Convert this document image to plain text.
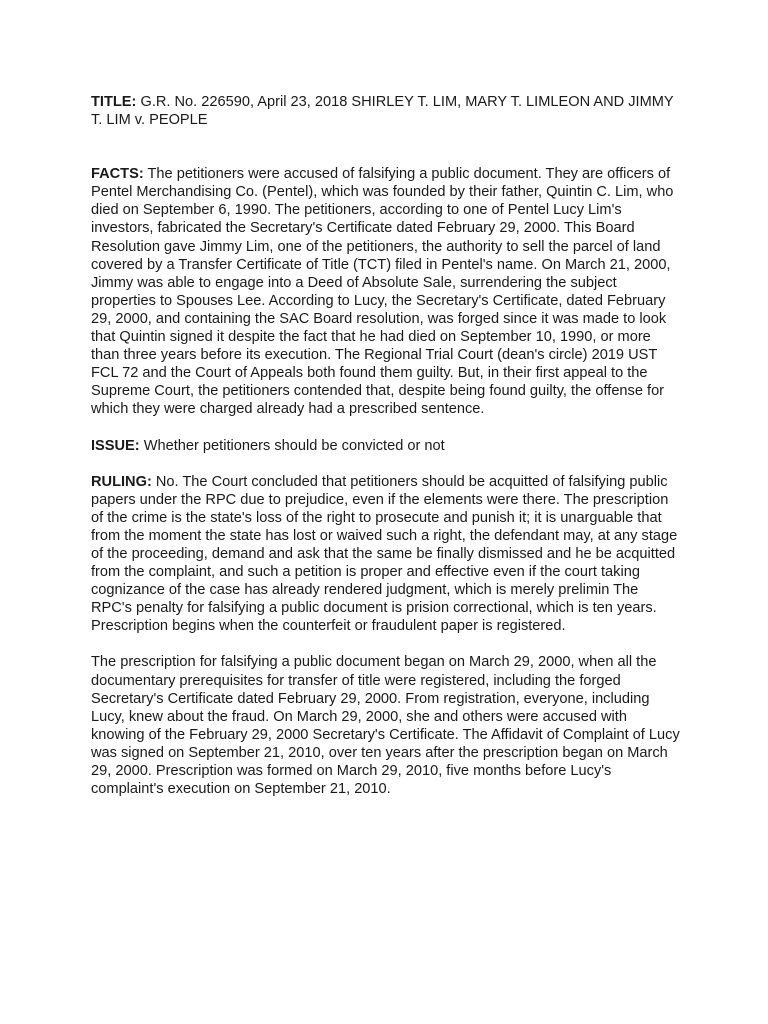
TITLE: G.R. No. 226590, April 23, 2018 SHIRLEY T. LIM, MARY T. LIMLEON AND JIMMY T. LIM v. PEOPLE

FACTS: The petitioners were accused of falsifying a public document. They are officers of Pentel Merchandising Co. (Pentel), which was founded by their father, Quintin C. Lim, who died on September 6, 1990. The petitioners, according to one of Pentel Lucy Lim's investors, fabricated the Secretary's Certificate dated February 29, 2000. This Board Resolution gave Jimmy Lim, one of the petitioners, the authority to sell the parcel of land covered by a Transfer Certificate of Title (TCT) filed in Pentel's name. On March 21, 2000, Jimmy was able to engage into a Deed of Absolute Sale, surrendering the subject properties to Spouses Lee. According to Lucy, the Secretary's Certificate, dated February 29, 2000, and containing the SAC Board resolution, was forged since it was made to look that Quintin signed it despite the fact that he had died on September 10, 1990, or more than three years before its execution. The Regional Trial Court (dean's circle) 2019 UST FCL 72 and the Court of Appeals both found them guilty. But, in their first appeal to the Supreme Court, the petitioners contended that, despite being found guilty, the offense for which they were charged already had a prescribed sentence.

ISSUE: Whether petitioners should be convicted or not

RULING: No. The Court concluded that petitioners should be acquitted of falsifying public papers under the RPC due to prejudice, even if the elements were there. The prescription of the crime is the state's loss of the right to prosecute and punish it; it is unarguable that from the moment the state has lost or waived such a right, the defendant may, at any stage of the proceeding, demand and ask that the same be finally dismissed and he be acquitted from the complaint, and such a petition is proper and effective even if the court taking cognizance of the case has already rendered judgment, which is merely prelimin The RPC's penalty for falsifying a public document is prision correctional, which is ten years. Prescription begins when the counterfeit or fraudulent paper is registered.

The prescription for falsifying a public document began on March 29, 2000, when all the documentary prerequisites for transfer of title were registered, including the forged Secretary's Certificate dated February 29, 2000. From registration, everyone, including Lucy, knew about the fraud. On March 29, 2000, she and others were accused with knowing of the February 29, 2000 Secretary's Certificate. The Affidavit of Complaint of Lucy was signed on September 21, 2010, over ten years after the prescription began on March 29, 2000. Prescription was formed on March 29, 2010, five months before Lucy's complaint's execution on September 21, 2010.
